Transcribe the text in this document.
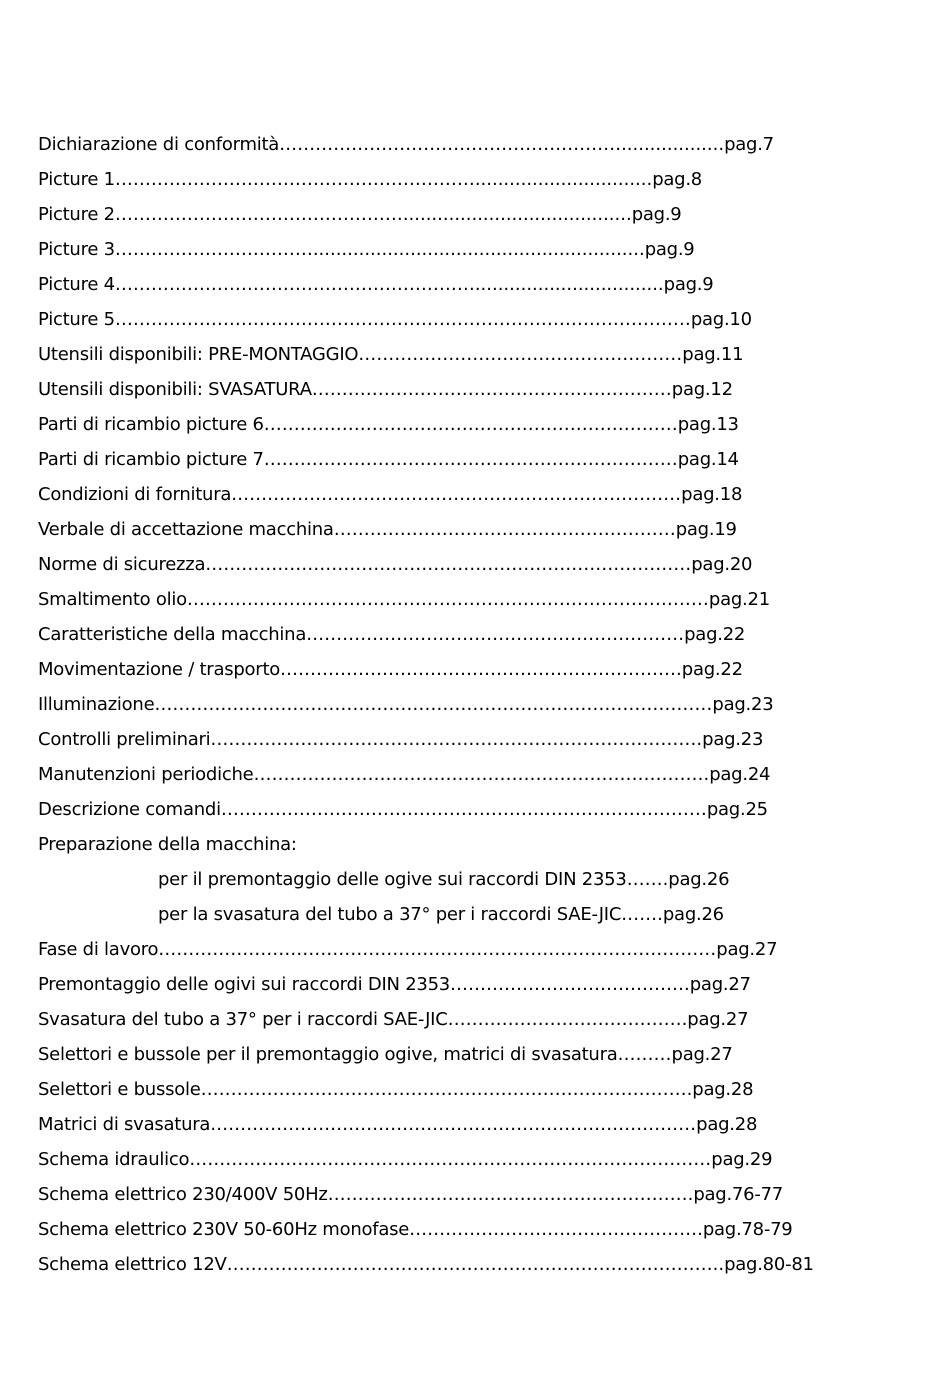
Dichiarazione di conformità…………………………………………………..................pag.7
Picture 1……………………………………………………...............................pag.8
Picture 2…………………………………………........................................pag.9
Picture 3……………………………..........................................................pag.9
Picture 4…………………………………………………….................................pag.9
Picture 5……………………………………………………………………………………pag.10
Utensili disponibili: PRE-MONTAGGIO………………………………………………pag.11
Utensili disponibili: SVASATURA……………………………………………………pag.12
Parti di ricambio picture 6……………………………………………………………pag.13
Parti di ricambio picture 7……………………………………………………………pag.14
Condizioni di fornitura…………………………………………………………………pag.18
Verbale di accettazione macchina…………………………………………………pag.19
Norme di sicurezza………………………………………………………………………pag.20
Smaltimento olio……………………………………………………………………………pag.21
Caratteristiche della macchina………………………………………………………pag.22
Movimentazione / trasporto………………………………………………………….pag.22
Illuminazione…………………………………………………………………………………pag.23
Controlli preliminari……………………………………………………………………….pag.23
Manutenzioni periodiche………………………………………………………………….pag.24
Descrizione comandi………………………………………………………………………pag.25
Preparazione della macchina:
per il premontaggio delle ogive sui raccordi DIN 2353…….pag.26
per la svasatura del tubo a 37° per i raccordi SAE-JIC…….pag.26
Fase di lavoro…………………………………………………………………………………pag.27
Premontaggio delle ogivi sui raccordi DIN 2353………………………………….pag.27
Svasatura del tubo a 37° per i raccordi SAE-JIC………………………………….pag.27
Selettori e bussole per il premontaggio ogive, matrici di svasatura………pag.27
Selettori e bussole……………………………………………………………………….pag.28
Matrici di svasatura………………………………………………………………………pag.28
Schema idraulico……………………………………………………………………………pag.29
Schema elettrico 230/400V 50Hz…………………………………………………….pag.76-77
Schema elettrico 230V 50-60Hz monofase………………………………………….pag.78-79
Schema elettrico 12V………………………………………………………………………..pag.80-81
